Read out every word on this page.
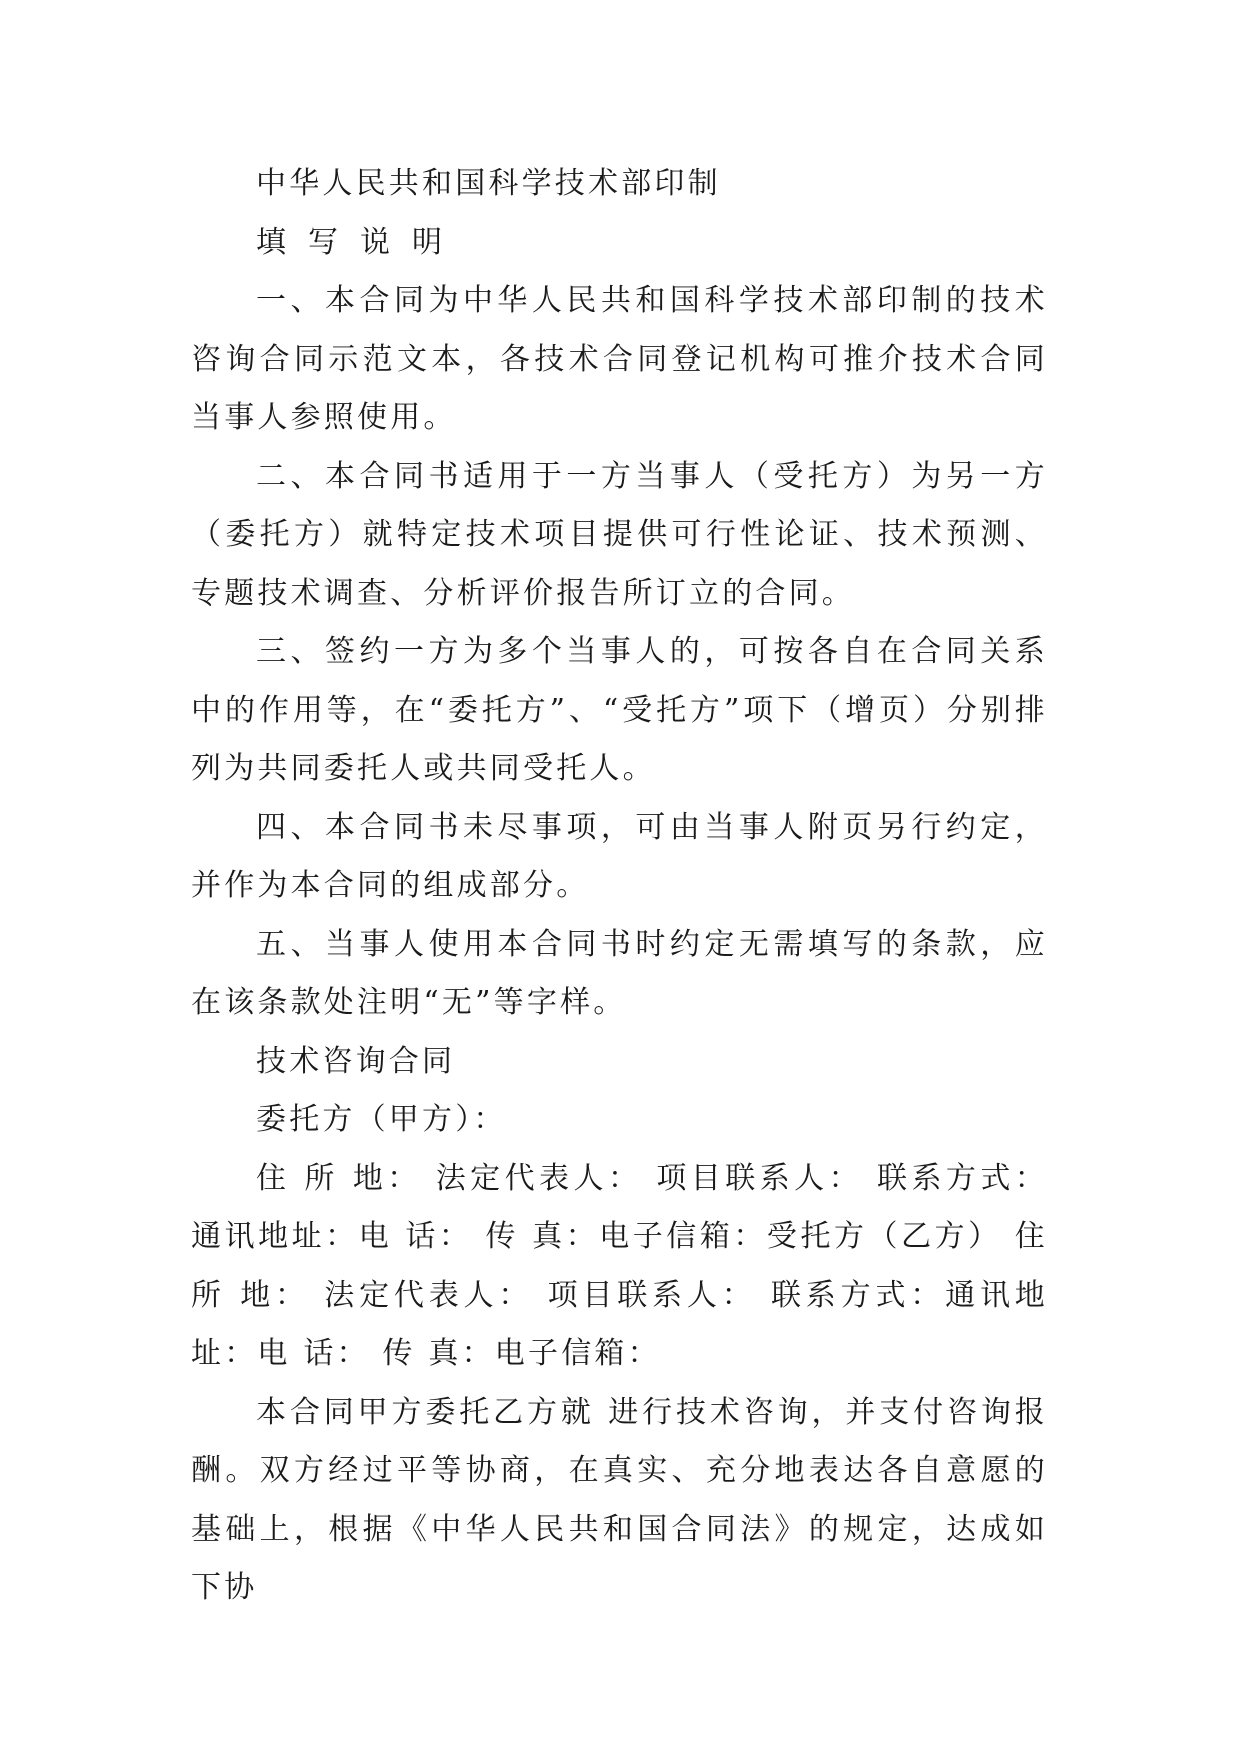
中华人民共和国科学技术部印制

填写说明

一、本合同为中华人民共和国科学技术部印制的技术咨询合同示范文本，各技术合同登记机构可推介技术合同当事人参照使用。

二、本合同书适用于一方当事人（受托方）为另一方（委托方）就特定技术项目提供可行性论证、技术预测、专题技术调查、分析评价报告所订立的合同。

三、签约一方为多个当事人的，可按各自在合同关系中的作用等，在“委托方”、“受托方”项下（增页）分别排列为共同委托人或共同受托人。

四、本合同书未尽事项，可由当事人附页另行约定，并作为本合同的组成部分。

五、当事人使用本合同书时约定无需填写的条款，应在该条款处注明“无”等字样。

技术咨询合同

委托方（甲方）：

住 所 地： 法定代表人： 项目联系人： 联系方式：通讯地址：电 话： 传 真：电子信箱：受托方（乙方） 住 所 地： 法定代表人： 项目联系人： 联系方式：通讯地址：电 话： 传 真：电子信箱：

本合同甲方委托乙方就 进行技术咨询，并支付咨询报酬。双方经过平等协商，在真实、充分地表达各自意愿的基础上，根据《中华人民共和国合同法》的规定，达成如下协
